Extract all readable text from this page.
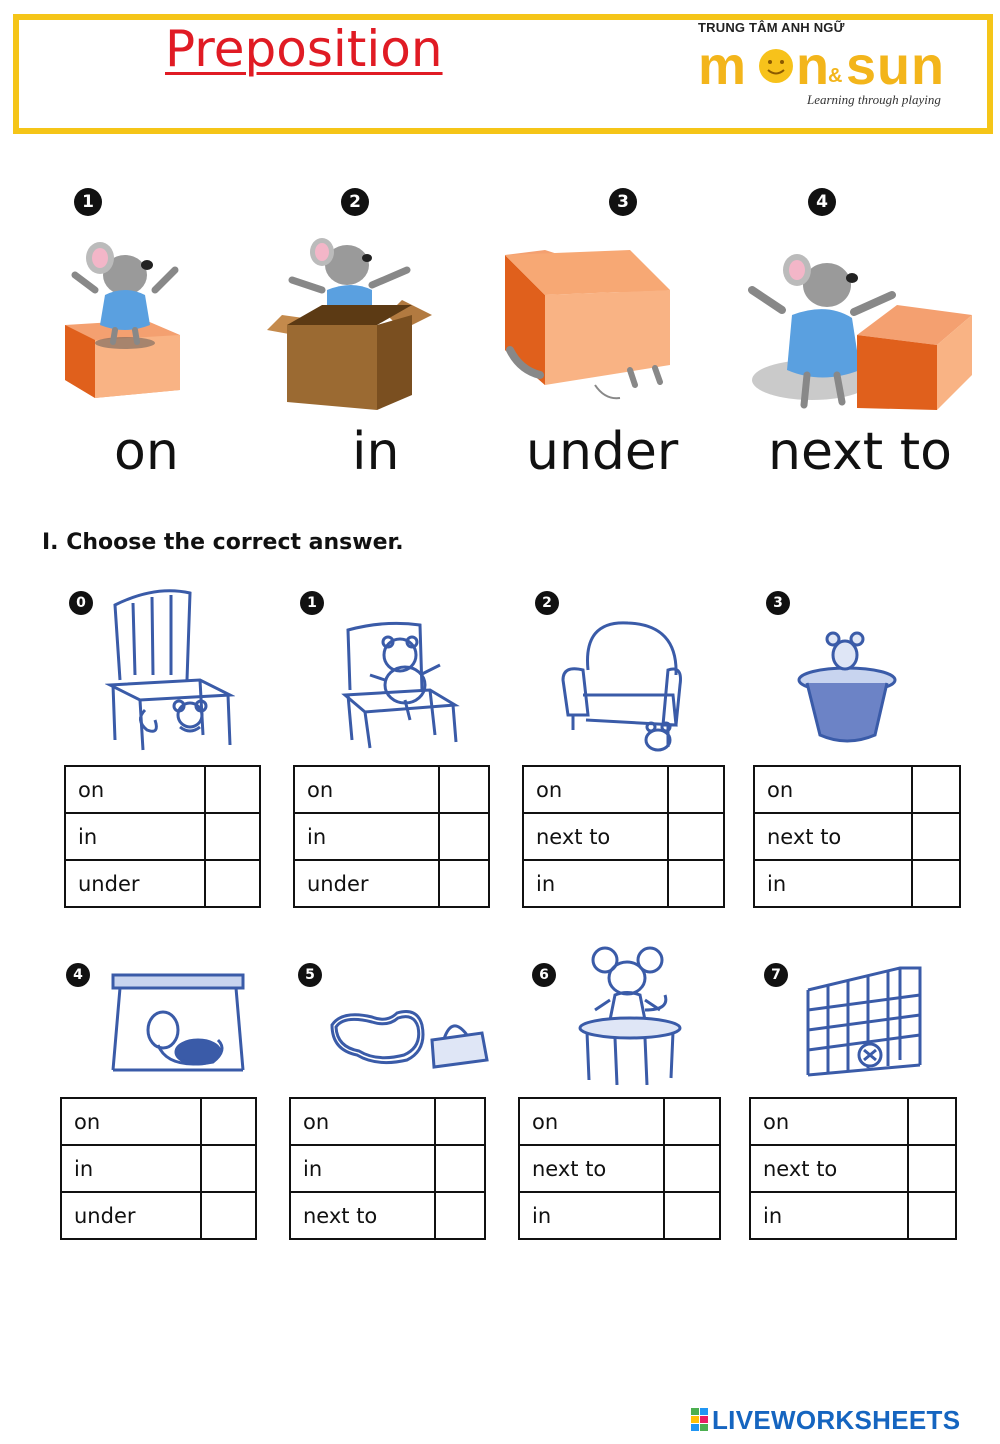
Preposition	TRUNG TÂM ANH NGỮ
m n
& sun
Learning through playing
1	2	3	4
on	in under next to
I. Choose the correct answer.
0	1	2	3
on	

in	

under	
on	

in	

under	
on	

next to	

in	
on	

next to	

in	
4	5	6	7
on	

in	

under	
on	

in	

next to	
on	

next to	

in	
on	

next to	

in	
LIVEWORKSHEETS
